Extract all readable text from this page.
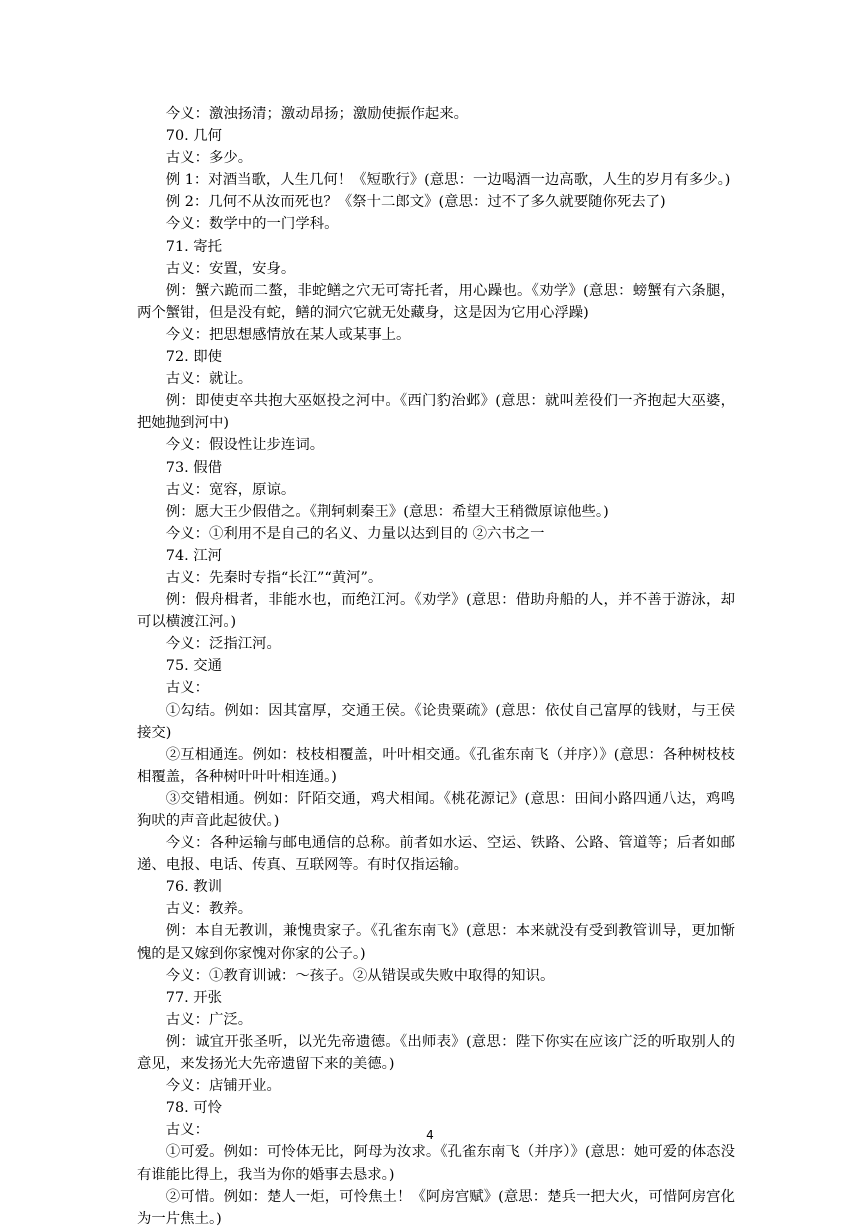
今义：激浊扬清；激动昂扬；激励使振作起来。

70. 几何

古义：多少。

例 1：对酒当歌，人生几何！《短歌行》(意思：一边喝酒一边高歌，人生的岁月有多少。)

例 2：几何不从汝而死也？《祭十二郎文》(意思：过不了多久就要随你死去了)

今义：数学中的一门学科。

71. 寄托

古义：安置，安身。

例：蟹六跪而二螯，非蛇鳝之穴无可寄托者，用心躁也。《劝学》(意思：螃蟹有六条腿，两个蟹钳，但是没有蛇，鳝的洞穴它就无处藏身，这是因为它用心浮躁)

今义：把思想感情放在某人或某事上。

72. 即使

古义：就让。

例：即使吏卒共抱大巫妪投之河中。《西门豹治邺》(意思：就叫差役们一齐抱起大巫婆，把她抛到河中)

今义：假设性让步连词。

73. 假借

古义：宽容，原谅。

例：愿大王少假借之。《荆轲刺秦王》(意思：希望大王稍微原谅他些。)

今义：①利用不是自己的名义、力量以达到目的 ②六书之一

74. 江河

古义：先秦时专指“长江”“黄河”。

例：假舟楫者，非能水也，而绝江河。《劝学》(意思：借助舟船的人，并不善于游泳，却可以横渡江河。)

今义：泛指江河。

75. 交通

古义：

①勾结。例如：因其富厚，交通王侯。《论贵粟疏》(意思：依仗自己富厚的钱财，与王侯接交)

②互相通连。例如：枝枝相覆盖，叶叶相交通。《孔雀东南飞（并序）》(意思：各种树枝枝相覆盖，各种树叶叶叶相连通。)

③交错相通。例如：阡陌交通，鸡犬相闻。《桃花源记》(意思：田间小路四通八达，鸡鸣狗吠的声音此起彼伏。)

今义：各种运输与邮电通信的总称。前者如水运、空运、铁路、公路、管道等；后者如邮递、电报、电话、传真、互联网等。有时仅指运输。

76. 教训

古义：教养。

例：本自无教训，兼愧贵家子。《孔雀东南飞》(意思：本来就没有受到教管训导，更加惭愧的是又嫁到你家愧对你家的公子。)

今义：①教育训诫：～孩子。②从错误或失败中取得的知识。

77. 开张

古义：广泛。

例：诚宜开张圣听，以光先帝遗德。《出师表》(意思：陛下你实在应该广泛的听取别人的意见，来发扬光大先帝遗留下来的美德。)

今义：店铺开业。

78. 可怜

古义：

①可爱。例如：可怜体无比，阿母为汝求。《孔雀东南飞（并序）》(意思：她可爱的体态没有谁能比得上，我当为你的婚事去恳求。)

②可惜。例如：楚人一炬，可怜焦土！《阿房宫赋》(意思：楚兵一把大火，可惜阿房宫化为一片焦土。)

4
